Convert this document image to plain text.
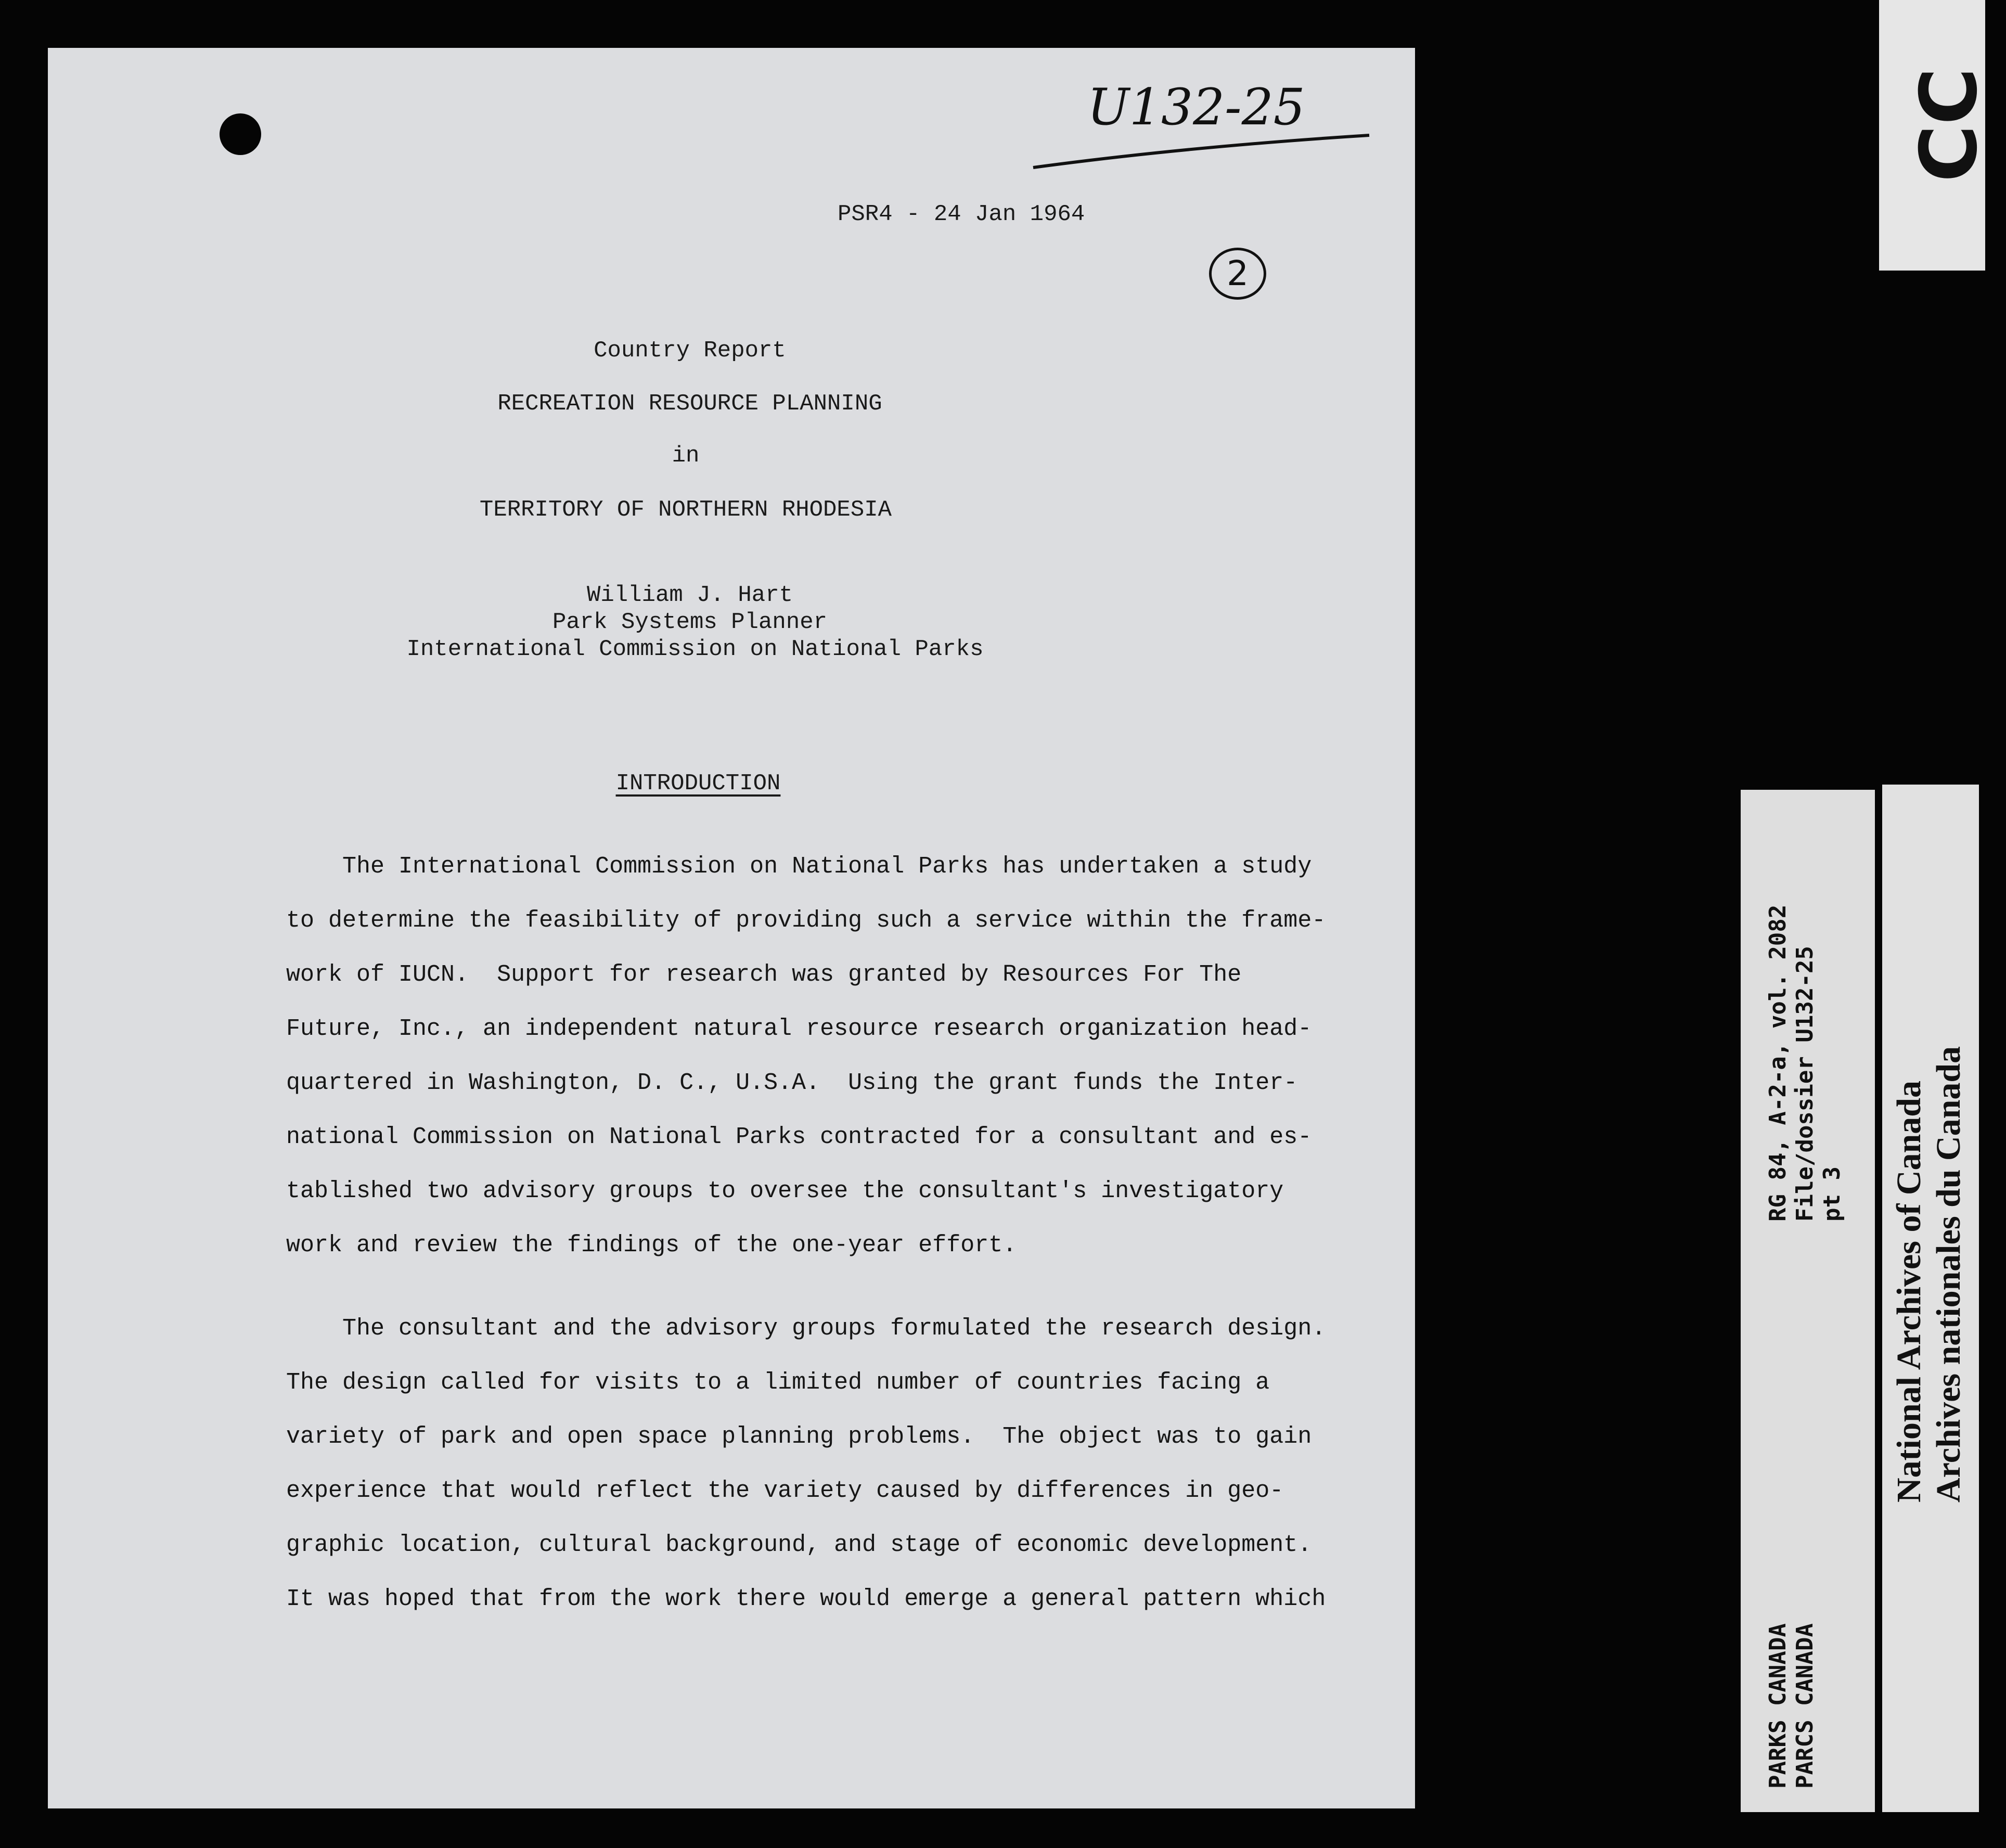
U132-25
PSR4 - 24 Jan 1964
2
Country Report
RECREATION RESOURCE PLANNING
in
TERRITORY OF NORTHERN RHODESIA
William J. Hart
Park Systems Planner
International Commission on National Parks
INTRODUCTION
The International Commission on National Parks has undertaken a study
to determine the feasibility of providing such a service within the frame-
work of IUCN.  Support for research was granted by Resources For The
Future, Inc., an independent natural resource research organization head-
quartered in Washington, D. C., U.S.A.  Using the grant funds the Inter-
national Commission on National Parks contracted for a consultant and es-
tablished two advisory groups to oversee the consultant's investigatory
work and review the findings of the one-year effort.
The consultant and the advisory groups formulated the research design.
The design called for visits to a limited number of countries facing a
variety of park and open space planning problems.  The object was to gain
experience that would reflect the variety caused by differences in geo-
graphic location, cultural background, and stage of economic development.
It was hoped that from the work there would emerge a general pattern which
CC
RG 84, A-2-a, vol. 2082 File/dossier U132-25 pt 3
PARKS CANADA PARCS CANADA
National Archives of Canada Archives nationales du Canada
